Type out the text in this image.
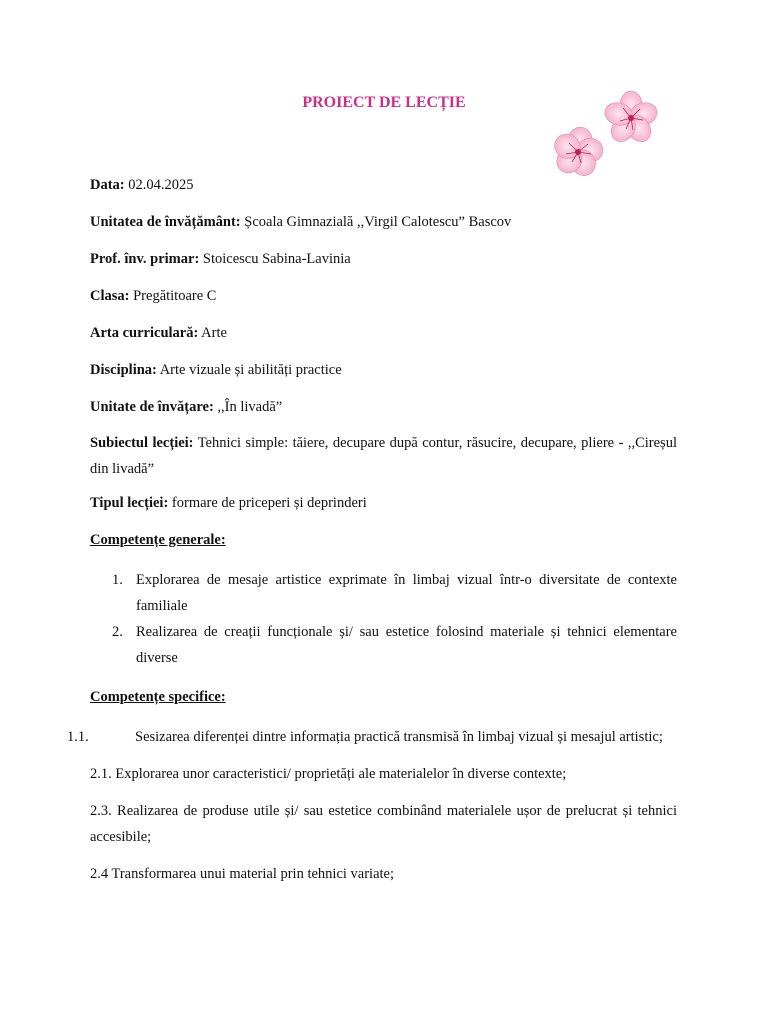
PROIECT DE LECȚIE

Data: 02.04.2025

Unitatea de învățământ: Școala Gimnazială ,,Virgil Calotescu” Bascov

Prof. înv. primar: Stoicescu Sabina-Lavinia

Clasa: Pregătitoare C

Arta curriculară: Arte

Disciplina: Arte vizuale și abilități practice

Unitate de învățare: ,,În livadă”

Subiectul lecției: Tehnici simple: tăiere, decupare după contur, răsucire, decupare, pliere - ,,Cireșul din livadă”

Tipul lecției: formare de priceperi și deprinderi

Competențe generale:

1. Explorarea de mesaje artistice exprimate în limbaj vizual într-o diversitate de contexte familiale
2. Realizarea de creații funcționale și/ sau estetice folosind materiale și tehnici elementare diverse

Competențe specifice:

1.1.	Sesizarea diferenței dintre informația practică transmisă în limbaj vizual și mesajul artistic;

2.1. Explorarea unor caracteristici/ proprietăți ale materialelor în diverse contexte;

2.3. Realizarea de produse utile și/ sau estetice combinând materialele ușor de prelucrat și tehnici accesibile;

2.4 Transformarea unui material prin tehnici variate;
